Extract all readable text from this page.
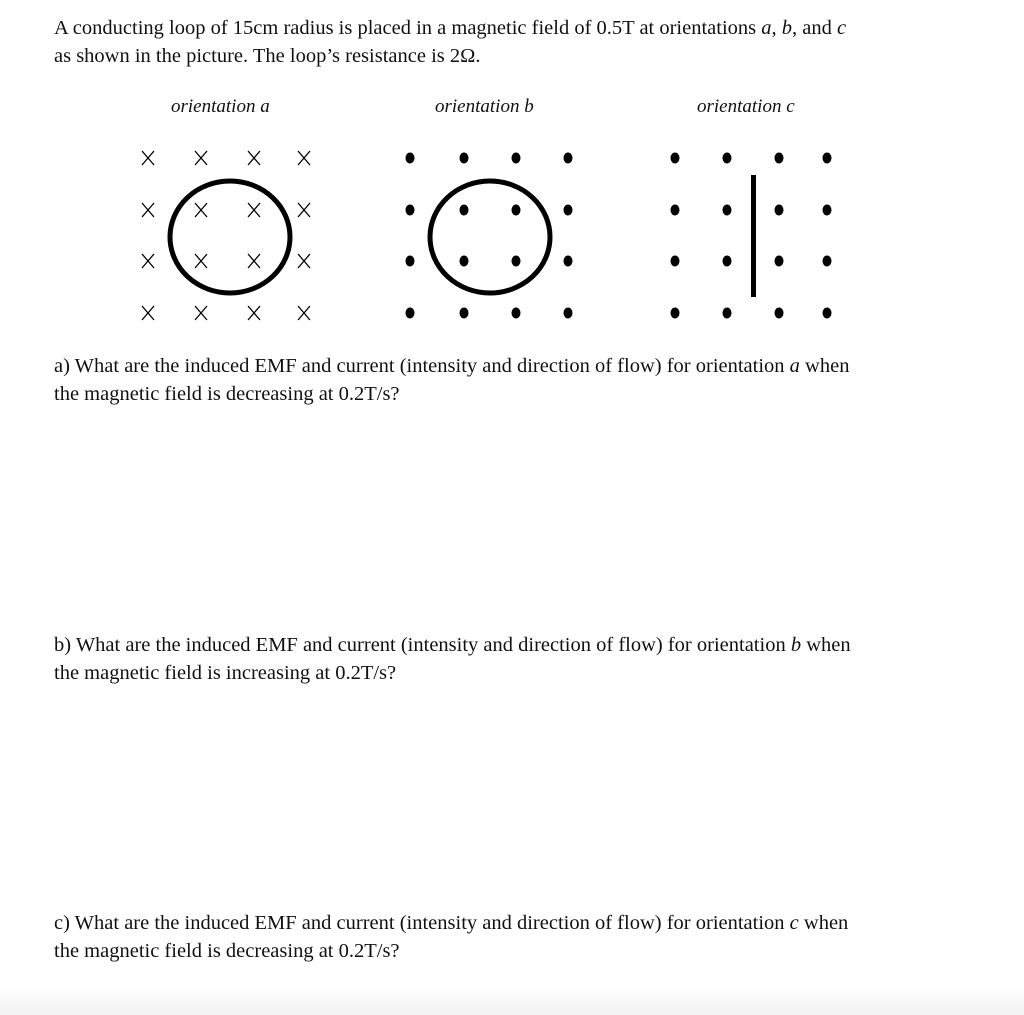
A conducting loop of 15cm radius is placed in a magnetic field of 0.5T at orientations a, b, and c
as shown in the picture. The loop’s resistance is 2Ω.

orientation a	orientation b	orientation c

a) What are the induced EMF and current (intensity and direction of flow) for orientation a when
the magnetic field is decreasing at 0.2T/s?

b) What are the induced EMF and current (intensity and direction of flow) for orientation b when
the magnetic field is increasing at 0.2T/s?

c) What are the induced EMF and current (intensity and direction of flow) for orientation c when
the magnetic field is decreasing at 0.2T/s?
